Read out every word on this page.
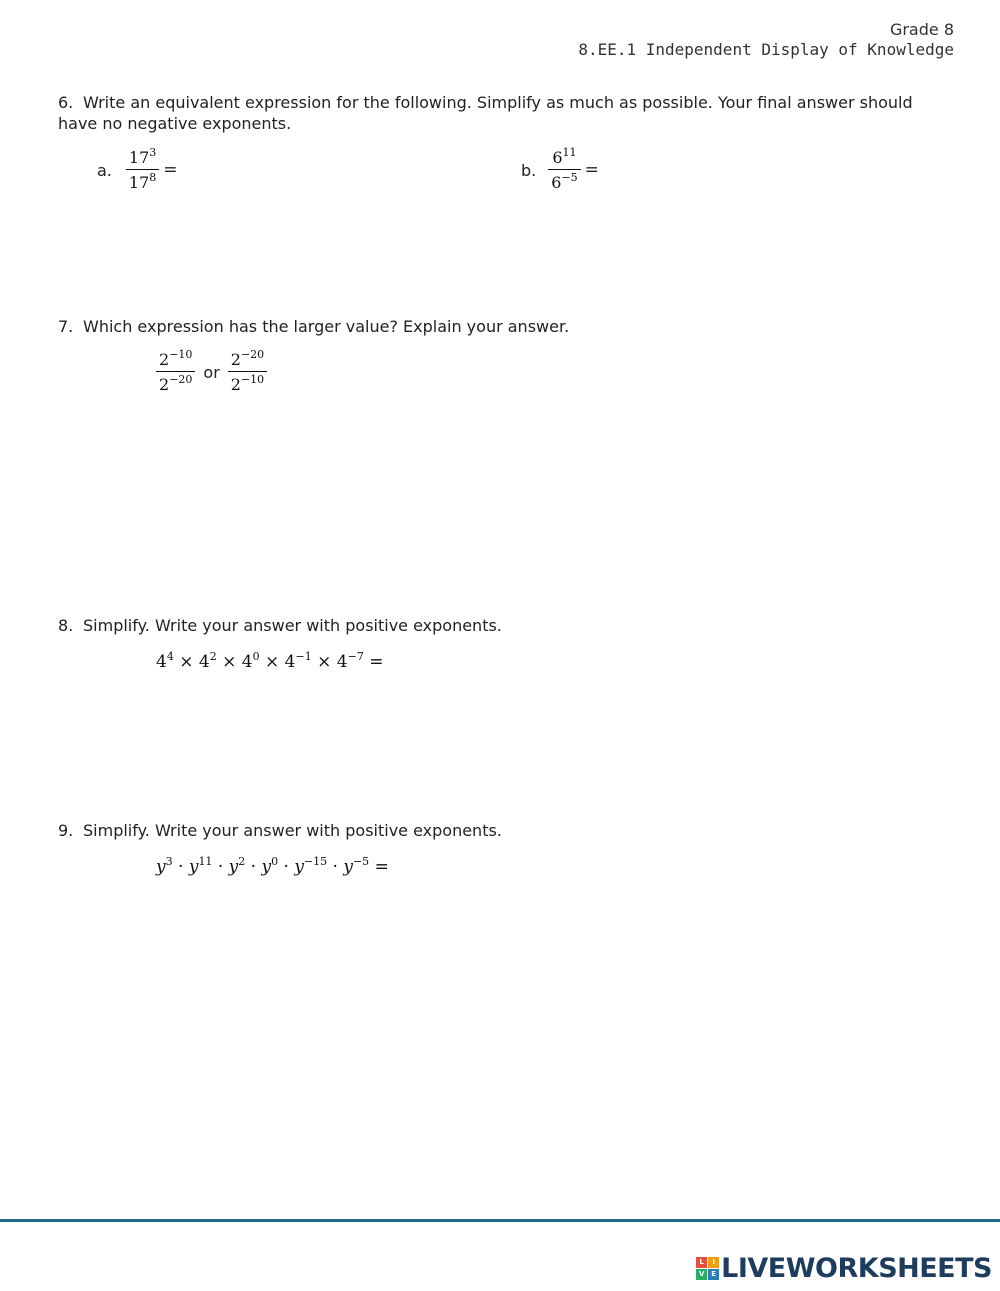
Grade 8
8.EE.1 Independent Display of Knowledge
6. Write an equivalent expression for the following. Simplify as much as possible. Your final answer should have no negative exponents.
a. $\frac{17^3}{17^8}$ =	b. $\frac{6^{11}}{6^{-5}}$ =
7. Which expression has the larger value? Explain your answer.
$\frac{2^{-10}}{2^{-20}}$ or $\frac{2^{-20}}{2^{-10}}$
8. Simplify. Write your answer with positive exponents.
$4^4 \times 4^2 \times 4^0 \times 4^{-1} \times 4^{-7}$ =
9. Simplify. Write your answer with positive exponents.
$y^3 \cdot y^{11} \cdot y^2 \cdot y^0 \cdot y^{-15} \cdot y^{-5}$ =
L	I
V E LIVEWORKSHEETS
